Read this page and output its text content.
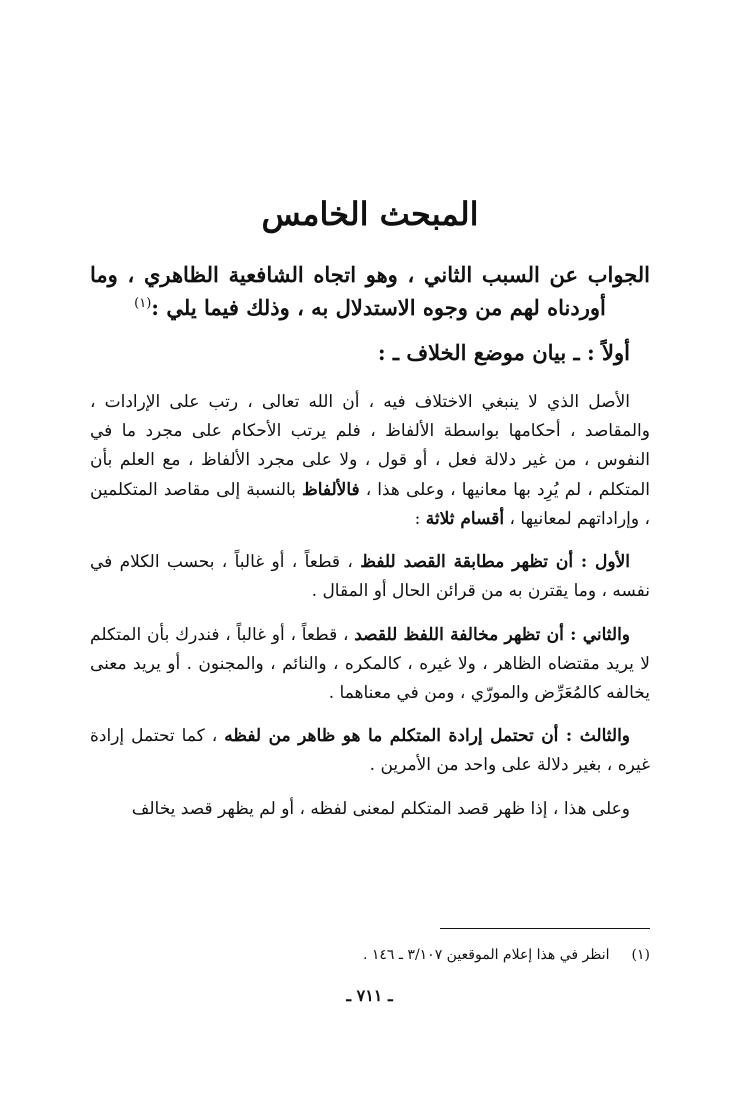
المبحث الخامس

الجواب عن السبب الثاني ، وهو اتجاه الشافعية الظاهري ، وما أوردناه لهم من وجوه الاستدلال به ، وذلك فيما يلي :$^{(١)}$

أولاً : ـ بيان موضع الخلاف ـ :

الأصل الذي لا ينبغي الاختلاف فيه ، أن الله تعالى ، رتب على الإرادات ، والمقاصد ، أحكامها بواسطة الألفاظ ، فلم يرتب الأحكام على مجرد ما في النفوس ، من غير دلالة فعل ، أو قول ، ولا على مجرد الألفاظ ، مع العلم بأن المتكلم ، لم يُرِد بها معانيها ، وعلى هذا ، فالألفاظ بالنسبة إلى مقاصد المتكلمين ، وإراداتهم لمعانيها ، أقسام ثلاثة :

الأول : أن تظهر مطابقة القصد للفظ ، قطعاً ، أو غالباً ، بحسب الكلام في نفسه ، وما يقترن به من قرائن الحال أو المقال .

والثاني : أن تظهر مخالفة اللفظ للقصد ، قطعاً ، أو غالباً ، فندرك بأن المتكلم لا يريد مقتضاه الظاهر ، ولا غيره ، كالمكره ، والنائم ، والمجنون . أو يريد معنى يخالفه كالمُعَرِّض والمورّي ، ومن في معناهما .

والثالث : أن تحتمل إرادة المتكلم ما هو ظاهر من لفظه ، كما تحتمل إرادة غيره ، بغير دلالة على واحد من الأمرين .

وعلى هذا ، إذا ظهر قصد المتكلم لمعنى لفظه ، أو لم يظهر قصد يخالف

(١)انظر في هذا إعلام الموقعين ٣/١٠٧ ـ ١٤٦ .
ـ ٧١١ ـ
